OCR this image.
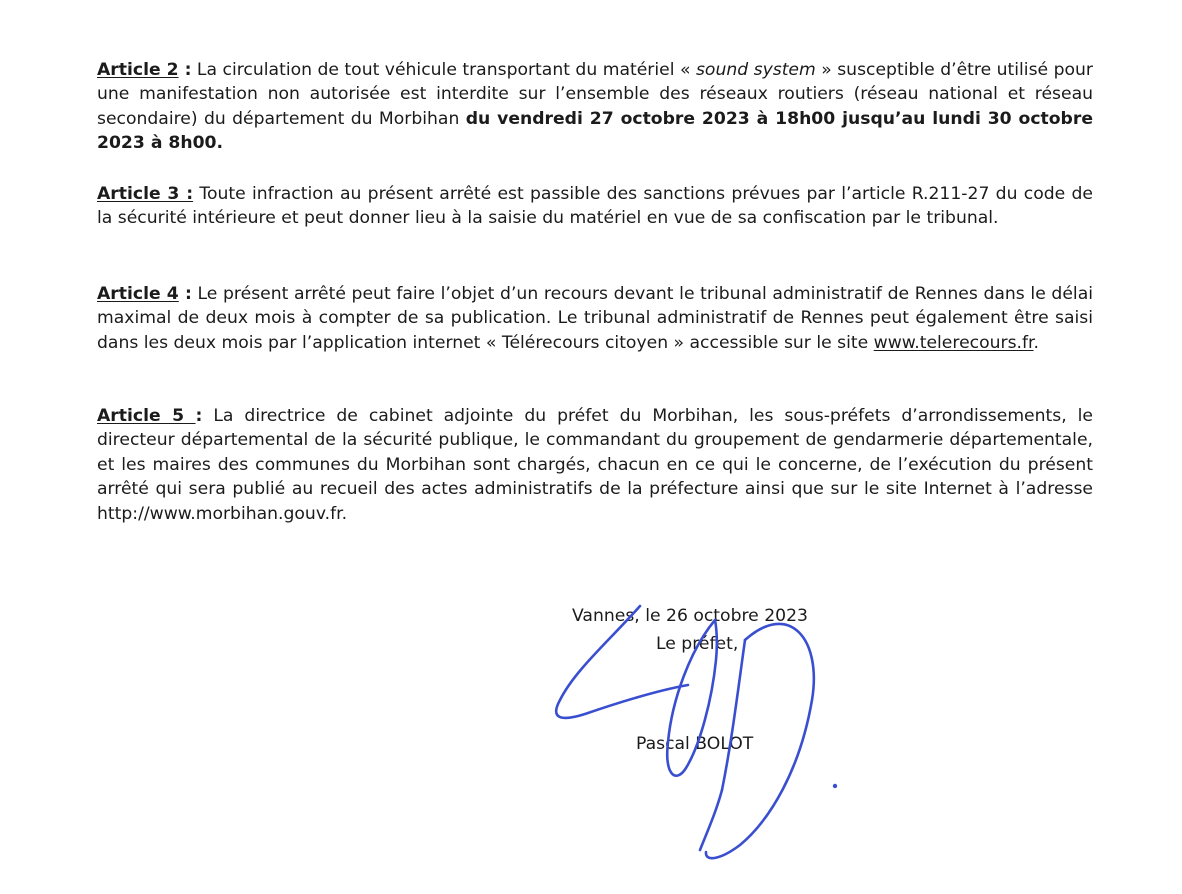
Article 2 : La circulation de tout véhicule transportant du matériel « sound system » susceptible d’être utilisé pour une manifestation non autorisée est interdite sur l’ensemble des réseaux routiers (réseau national et réseau secondaire) du département du Morbihan du vendredi 27 octobre 2023 à 18h00 jusqu’au lundi 30 octobre 2023 à 8h00.

Article 3 : Toute infraction au présent arrêté est passible des sanctions prévues par l’article R.211-27 du code de la sécurité intérieure et peut donner lieu à la saisie du matériel en vue de sa confiscation par le tribunal.

Article 4 : Le présent arrêté peut faire l’objet d’un recours devant le tribunal administratif de Rennes dans le délai maximal de deux mois à compter de sa publication. Le tribunal administratif de Rennes peut également être saisi dans les deux mois par l’application internet « Télérecours citoyen » accessible sur le site www.telerecours.fr.

Article 5 : La directrice de cabinet adjointe du préfet du Morbihan, les sous-préfets d’arrondissements, le directeur départemental de la sécurité publique, le commandant du groupement de gendarmerie départementale, et les maires des communes du Morbihan sont chargés, chacun en ce qui le concerne, de l’exécution du présent arrêté qui sera publié au recueil des actes administratifs de la préfecture ainsi que sur le site Internet à l’adresse http://www.morbihan.gouv.fr.

Vannes, le 26 octobre 2023
Le préfet,
Pascal BOLOT
